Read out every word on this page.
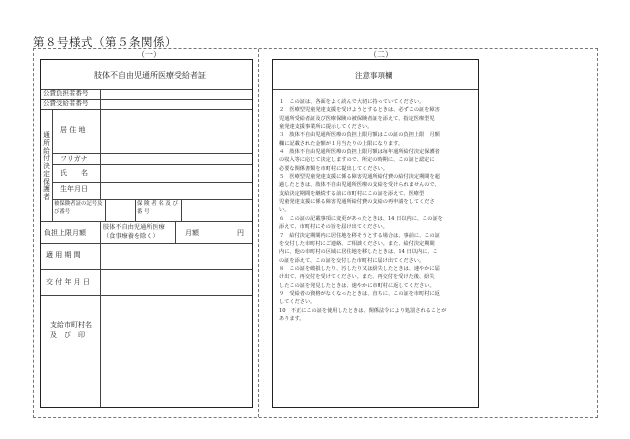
第８号様式（第５条関係）
（一）
肢体不自由児通所医療受給者証
公費負担者番号
公費受給者番号
通所給付決定保護者
居 住 地
フリガナ
氏　　名
生年月日
被保険者証の記号及び番号
保 険 者 名 及 び 番 号
負担上限月額
肢体不自由児通所医療（食事療養を除く）	月額	円
適 用 期 間
交 付 年 月 日
支給市町村名
及　び　印
（二）
注意事項欄
１　この証は、各面をよく読んで大切に持っていてください。
２　医療型児童発達支援を受けようとするときは、必ずこの証を障害
児通所受給者証及び医療保険の被保険者証を添えて、指定医療型児
童発達支援事業所に提示してください。
３　肢体不自由児通所医療の負担上限月額はこの証の負担上限　月額
欄に記載された金額が１月当たりの上限になります。
４　肢体不自由児通所医療の負担上限月額は毎年通所給付決定保護者
の収入等に応じて決定しますので、所定の時期に、この証と認定に
必要な関係書類を市町村に提出してください。
５　医療型児童発達支援に係る障害児通所給付費の給付決定期間を超
過したときは、肢体不自由児通所医療の支給を受けられませんので、
支給決定期間を継続する前に市町村にこの証を添えて、医療型
児童発達支援に係る障害児通所給付費の支給の再申請をしてくださ
い。
６　この証の記載事項に変更があったときは、14 日以内に、この証を
添えて、市町村にその旨を届け出てください。
７　給付決定期間内に居住地を移そうとする場合は、事前に、この証
を交付した市町村にご連絡、ご相談ください。また、給付決定期間
内に、他の市町村の区域に居住地を移したときは、14 日以内に、こ
の証を添えて、この証を交付した市町村に届け出てください。
８　この証を破損したり、汚したり又は紛失したときは、速やかに届
け出て、再交付を受けてください。また、再交付を受けた後、紛失
したこの証を発見したときは、速やかに市町村に返してください。
９　受給者の資格がなくなったときは、直ちに、この証を市町村に返
してください。
10　不正にこの証を使用したときは、関係法令により処罰されることが
あります。
